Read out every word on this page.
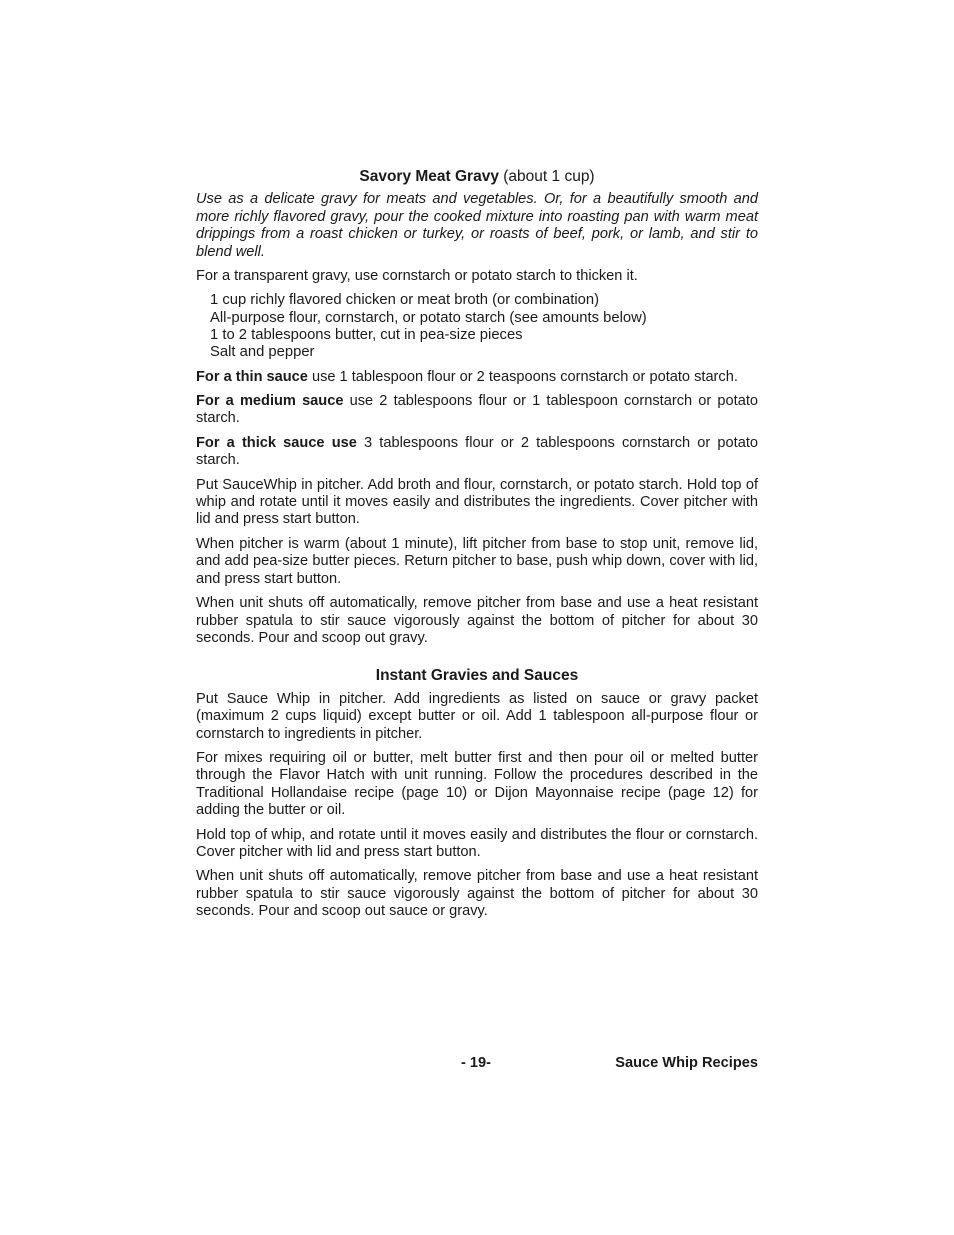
Savory Meat Gravy (about 1 cup)

Use as a delicate gravy for meats and vegetables. Or, for a beautifully smooth and more richly flavored gravy, pour the cooked mixture into roasting pan with warm meat drippings from a roast chicken or turkey, or roasts of beef, pork, or lamb, and stir to blend well.

For a transparent gravy, use cornstarch or potato starch to thicken it.

1 cup richly flavored chicken or meat broth (or combination)
All-purpose flour, cornstarch, or potato starch (see amounts below)
1 to 2 tablespoons butter, cut in pea-size pieces
Salt and pepper

For a thin sauce use 1 tablespoon flour or 2 teaspoons cornstarch or potato starch.

For a medium sauce use 2 tablespoons flour or 1 tablespoon cornstarch or potato starch.

For a thick sauce use 3 tablespoons flour or 2 tablespoons cornstarch or potato starch.

Put SauceWhip in pitcher. Add broth and flour, cornstarch, or potato starch. Hold top of whip and rotate until it moves easily and distributes the ingredients. Cover pitcher with lid and press start button.

When pitcher is warm (about 1 minute), lift pitcher from base to stop unit, remove lid, and add pea-size butter pieces. Return pitcher to base, push whip down, cover with lid, and press start button.

When unit shuts off automatically, remove pitcher from base and use a heat resistant rubber spatula to stir sauce vigorously against the bottom of pitcher for about 30 seconds. Pour and scoop out gravy.

Instant Gravies and Sauces

Put Sauce Whip in pitcher. Add ingredients as listed on sauce or gravy packet (maximum 2 cups liquid) except butter or oil. Add 1 tablespoon all-purpose flour or cornstarch to ingredients in pitcher.

For mixes requiring oil or butter, melt butter first and then pour oil or melted butter through the Flavor Hatch with unit running. Follow the procedures described in the Traditional Hollandaise recipe (page 10) or Dijon Mayonnaise recipe (page 12) for adding the butter or oil.

Hold top of whip, and rotate until it moves easily and distributes the flour or cornstarch. Cover pitcher with lid and press start button.

When unit shuts off automatically, remove pitcher from base and use a heat resistant rubber spatula to stir sauce vigorously against the bottom of pitcher for about 30 seconds. Pour and scoop out sauce or gravy.

- 19-	Sauce Whip Recipes
